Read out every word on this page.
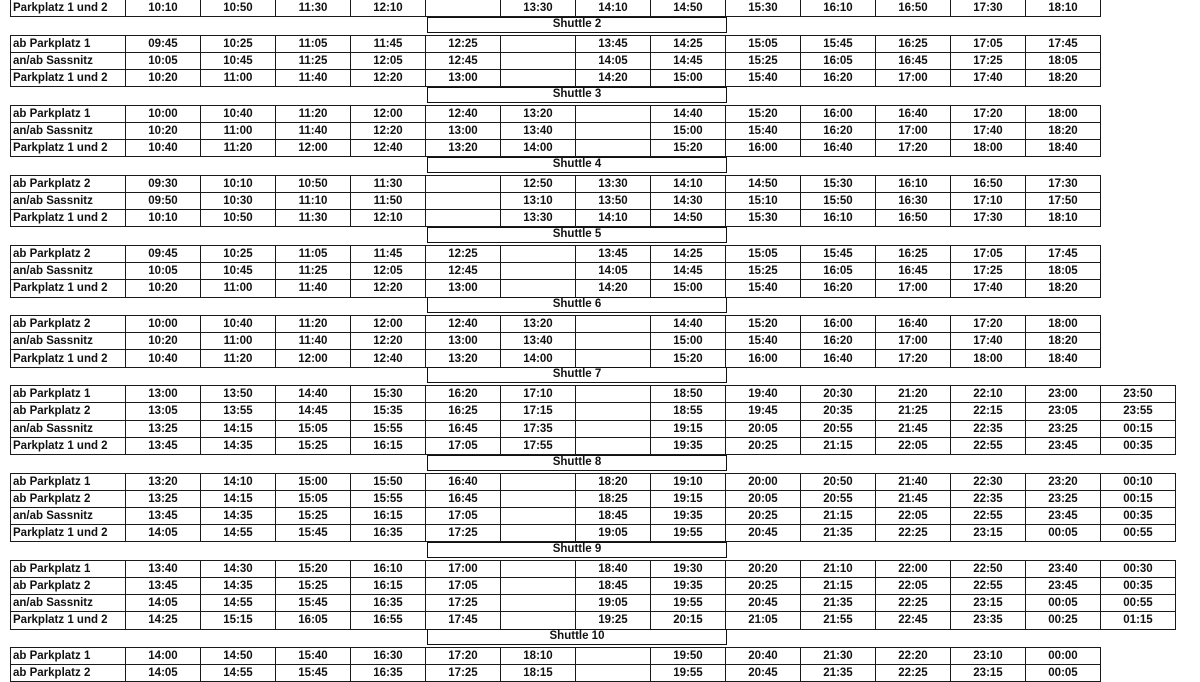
Parkplatz 1 und 2	10:10	10:50	11:30	12:10		13:30	14:10	14:50	15:30	16:10	16:50	17:30	18:10
Shuttle 2
ab Parkplatz 1	09:45	10:25	11:05	11:45	12:25		13:45	14:25	15:05	15:45	16:25	17:05	17:45
an/ab Sassnitz	10:05	10:45	11:25	12:05	12:45		14:05	14:45	15:25	16:05	16:45	17:25	18:05
Parkplatz 1 und 2	10:20	11:00	11:40	12:20	13:00		14:20	15:00	15:40	16:20	17:00	17:40	18:20
Shuttle 3
ab Parkplatz 1	10:00	10:40	11:20	12:00	12:40	13:20		14:40	15:20	16:00	16:40	17:20	18:00
an/ab Sassnitz	10:20	11:00	11:40	12:20	13:00	13:40		15:00	15:40	16:20	17:00	17:40	18:20
Parkplatz 1 und 2	10:40	11:20	12:00	12:40	13:20	14:00		15:20	16:00	16:40	17:20	18:00	18:40
Shuttle 4
ab Parkplatz 2	09:30	10:10	10:50	11:30		12:50	13:30	14:10	14:50	15:30	16:10	16:50	17:30
an/ab Sassnitz	09:50	10:30	11:10	11:50		13:10	13:50	14:30	15:10	15:50	16:30	17:10	17:50
Parkplatz 1 und 2	10:10	10:50	11:30	12:10		13:30	14:10	14:50	15:30	16:10	16:50	17:30	18:10
Shuttle 5
ab Parkplatz 2	09:45	10:25	11:05	11:45	12:25		13:45	14:25	15:05	15:45	16:25	17:05	17:45
an/ab Sassnitz	10:05	10:45	11:25	12:05	12:45		14:05	14:45	15:25	16:05	16:45	17:25	18:05
Parkplatz 1 und 2	10:20	11:00	11:40	12:20	13:00		14:20	15:00	15:40	16:20	17:00	17:40	18:20
Shuttle 6
ab Parkplatz 2	10:00	10:40	11:20	12:00	12:40	13:20		14:40	15:20	16:00	16:40	17:20	18:00
an/ab Sassnitz	10:20	11:00	11:40	12:20	13:00	13:40		15:00	15:40	16:20	17:00	17:40	18:20
Parkplatz 1 und 2	10:40	11:20	12:00	12:40	13:20	14:00		15:20	16:00	16:40	17:20	18:00	18:40
Shuttle 7
ab Parkplatz 1	13:00	13:50	14:40	15:30	16:20	17:10		18:50	19:40	20:30	21:20	22:10	23:00	23:50
ab Parkplatz 2	13:05	13:55	14:45	15:35	16:25	17:15		18:55	19:45	20:35	21:25	22:15	23:05	23:55
an/ab Sassnitz	13:25	14:15	15:05	15:55	16:45	17:35		19:15	20:05	20:55	21:45	22:35	23:25	00:15
Parkplatz 1 und 2	13:45	14:35	15:25	16:15	17:05	17:55		19:35	20:25	21:15	22:05	22:55	23:45	00:35
Shuttle 8
ab Parkplatz 1	13:20	14:10	15:00	15:50	16:40		18:20	19:10	20:00	20:50	21:40	22:30	23:20	00:10
ab Parkplatz 2	13:25	14:15	15:05	15:55	16:45		18:25	19:15	20:05	20:55	21:45	22:35	23:25	00:15
an/ab Sassnitz	13:45	14:35	15:25	16:15	17:05		18:45	19:35	20:25	21:15	22:05	22:55	23:45	00:35
Parkplatz 1 und 2	14:05	14:55	15:45	16:35	17:25		19:05	19:55	20:45	21:35	22:25	23:15	00:05	00:55
Shuttle 9
ab Parkplatz 1	13:40	14:30	15:20	16:10	17:00		18:40	19:30	20:20	21:10	22:00	22:50	23:40	00:30
ab Parkplatz 2	13:45	14:35	15:25	16:15	17:05		18:45	19:35	20:25	21:15	22:05	22:55	23:45	00:35
an/ab Sassnitz	14:05	14:55	15:45	16:35	17:25		19:05	19:55	20:45	21:35	22:25	23:15	00:05	00:55
Parkplatz 1 und 2	14:25	15:15	16:05	16:55	17:45		19:25	20:15	21:05	21:55	22:45	23:35	00:25	01:15
Shuttle 10
ab Parkplatz 1	14:00	14:50	15:40	16:30	17:20	18:10		19:50	20:40	21:30	22:20	23:10	00:00
ab Parkplatz 2	14:05	14:55	15:45	16:35	17:25	18:15		19:55	20:45	21:35	22:25	23:15	00:05
